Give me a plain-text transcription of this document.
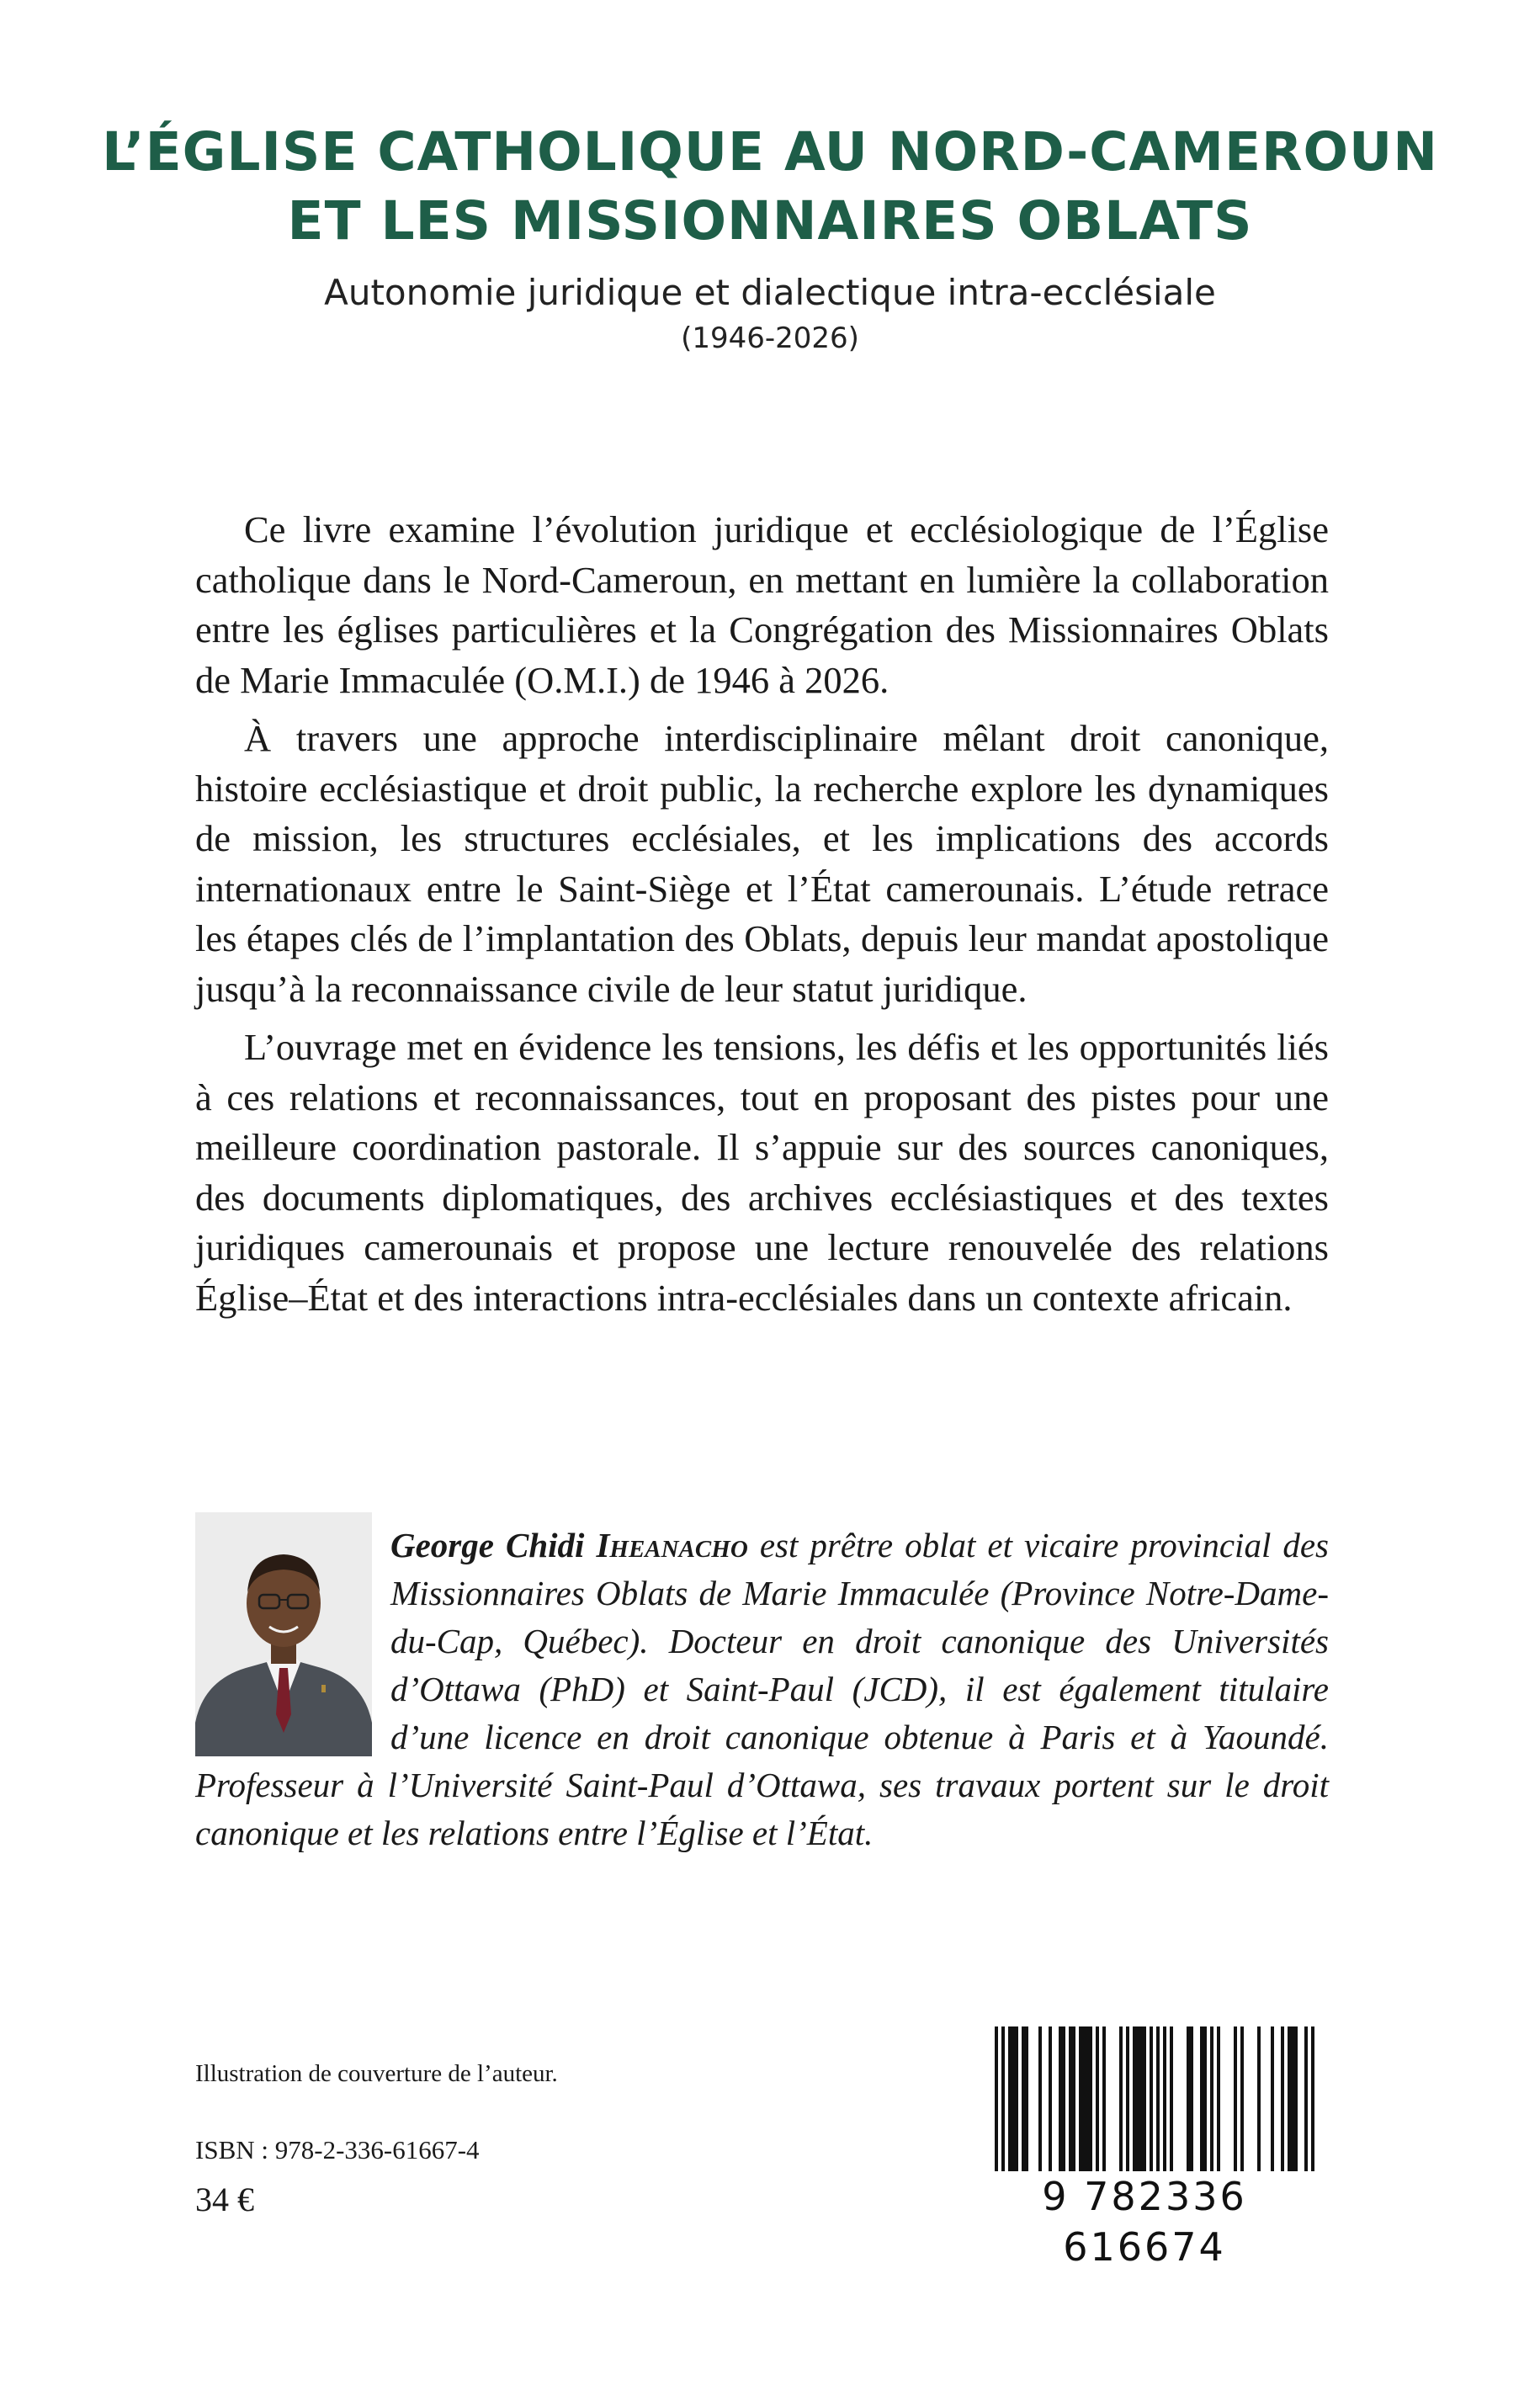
L’ÉGLISE CATHOLIQUE AU NORD-CAMEROUN
ET LES MISSIONNAIRES OBLATS
Autonomie juridique et dialectique intra-ecclésiale
(1946-2026)

Ce livre examine l’évolution juridique et ecclésiologique de l’Église catholique dans le Nord-Cameroun, en mettant en lumière la collaboration entre les églises particulières et la Congrégation des Missionnaires Oblats de Marie Immaculée (O.M.I.) de 1946 à 2026.

À travers une approche interdisciplinaire mêlant droit canonique, histoire ecclésiastique et droit public, la recherche explore les dynamiques de mission, les structures ecclésiales, et les implications des accords internationaux entre le Saint-Siège et l’État camerounais. L’étude retrace les étapes clés de l’implantation des Oblats, depuis leur mandat apostolique jusqu’à la reconnaissance civile de leur statut juridique.

L’ouvrage met en évidence les tensions, les défis et les opportunités liés à ces relations et reconnaissances, tout en proposant des pistes pour une meilleure coordination pastorale. Il s’appuie sur des sources canoniques, des documents diplomatiques, des archives ecclésiastiques et des textes juridiques camerounais et propose une lecture renouvelée des relations Église–État et des interactions intra-ecclésiales dans un contexte africain.

George Chidi Iheanacho est prêtre oblat et vicaire provincial des Missionnaires Oblats de Marie Immaculée (Province Notre-Dame-du-Cap, Québec). Docteur en droit canonique des Universités d’Ottawa (PhD) et Saint-Paul (JCD), il est également titulaire d’une licence en droit canonique obtenue à Paris et à Yaoundé. Professeur à l’Université Saint-Paul d’Ottawa, ses travaux portent sur le droit canonique et les relations entre l’Église et l’État.
Illustration de couverture de l’auteur.
ISBN : 978-2-336-61667-4
34 €	9 782336 616674
